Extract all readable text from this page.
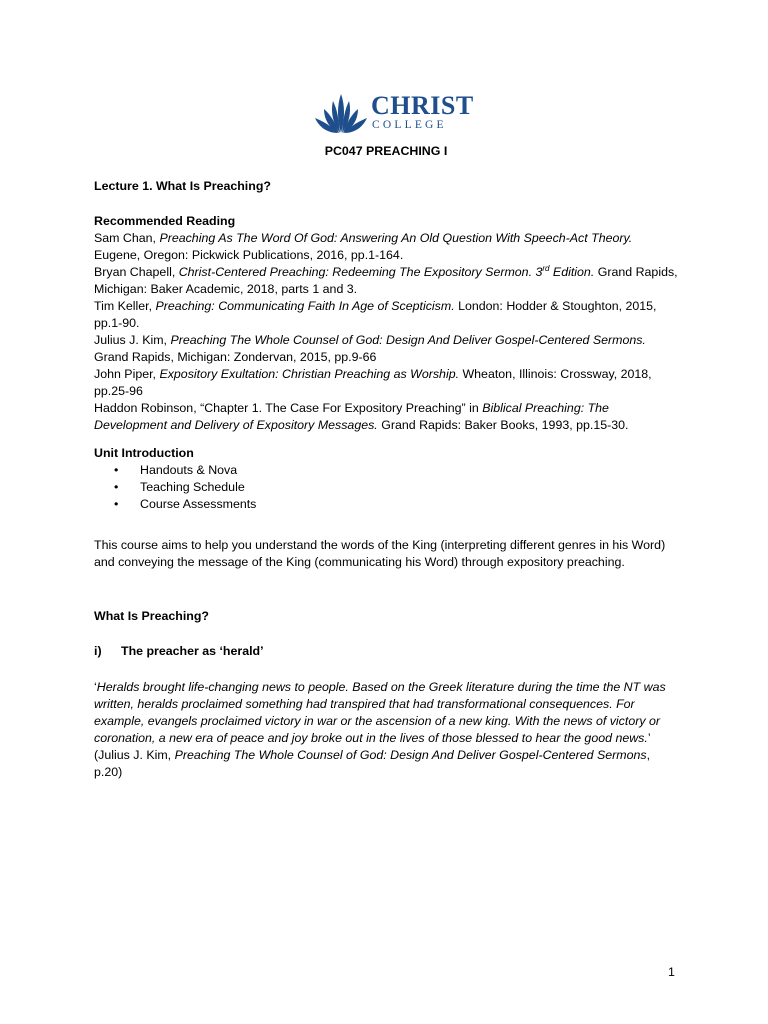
CHRIST
COLLEGE
PC047 PREACHING I
Lecture 1. What Is Preaching?

Recommended Reading

Sam Chan, Preaching As The Word Of God: Answering An Old Question With Speech-Act Theory. Eugene, Oregon: Pickwick Publications, 2016, pp.1-164.

Bryan Chapell, Christ-Centered Preaching: Redeeming The Expository Sermon. 3rd Edition. Grand Rapids, Michigan: Baker Academic, 2018, parts 1 and 3.

Tim Keller, Preaching: Communicating Faith In Age of Scepticism. London: Hodder & Stoughton, 2015, pp.1-90.

Julius J. Kim, Preaching The Whole Counsel of God: Design And Deliver Gospel-Centered Sermons. Grand Rapids, Michigan: Zondervan, 2015, pp.9-66

John Piper, Expository Exultation: Christian Preaching as Worship. Wheaton, Illinois: Crossway, 2018, pp.25-96

Haddon Robinson, “Chapter 1. The Case For Expository Preaching” in Biblical Preaching: The Development and Delivery of Expository Messages. Grand Rapids: Baker Books, 1993, pp.15-30.

Unit Introduction

• Handouts & Nova
• Teaching Schedule
• Course Assessments

This course aims to help you understand the words of the King (interpreting different genres in his Word) and conveying the message of the King (communicating his Word) through expository preaching.

What Is Preaching?

i) The preacher as ‘herald’

‘Heralds brought life-changing news to people. Based on the Greek literature during the time the NT was written, heralds proclaimed something had transpired that had transformational consequences. For example, evangels proclaimed victory in war or the ascension of a new king. With the news of victory or coronation, a new era of peace and joy broke out in the lives of those blessed to hear the good news.’ (Julius J. Kim, Preaching The Whole Counsel of God: Design And Deliver Gospel-Centered Sermons, p.20)

1
